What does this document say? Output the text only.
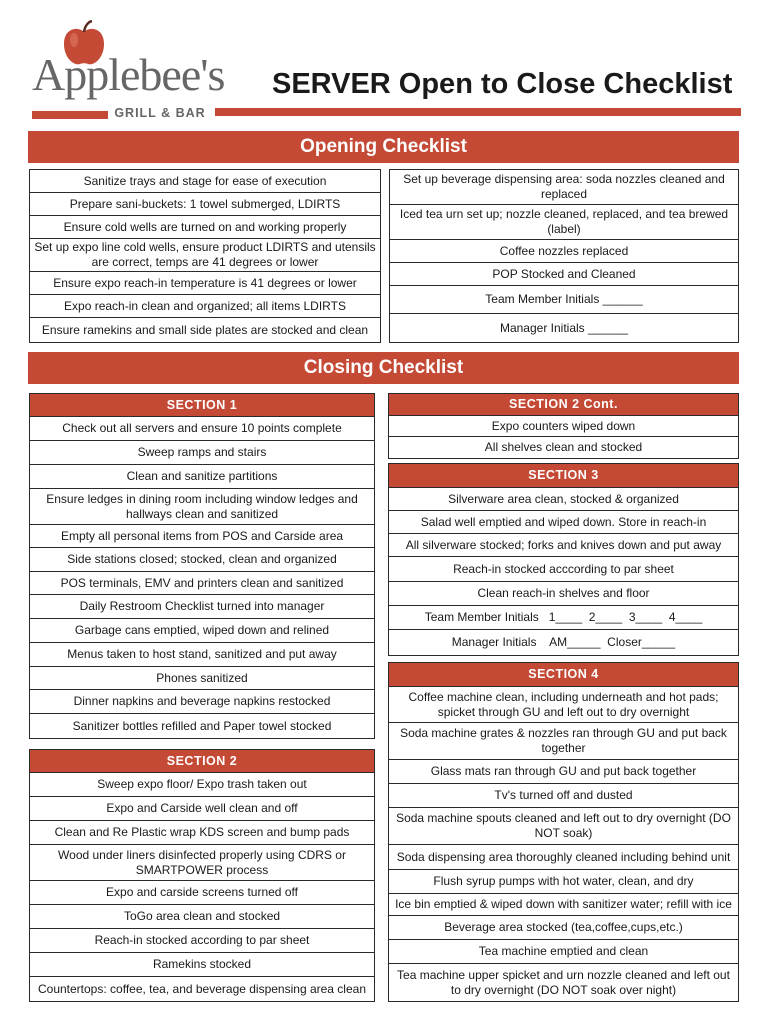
Applebee's
GRILL & BAR
SERVER Open to Close Checklist
Opening Checklist
Sanitize trays and stage for ease of execution
Prepare sani-buckets: 1 towel submerged, LDIRTS
Ensure cold wells are turned on and working properly
Set up expo line cold wells, ensure product LDIRTS and utensils are correct, temps are 41 degrees or lower
Ensure expo reach-in temperature is 41 degrees or lower
Expo reach-in clean and organized; all items LDIRTS
Ensure ramekins and small side plates are stocked and clean
Set up beverage dispensing area: soda nozzles cleaned and replaced
Iced tea urn set up; nozzle cleaned, replaced, and tea brewed (label)
Coffee nozzles replaced
POP Stocked and Cleaned
Team Member Initials ______
Manager Initials ______
Closing Checklist
SECTION 1
Check out all servers and ensure 10 points complete
Sweep ramps and stairs
Clean and sanitize partitions
Ensure ledges in dining room including window ledges and hallways clean and sanitized
Empty all personal items from POS and Carside area
Side stations closed; stocked, clean and organized
POS terminals, EMV and printers clean and sanitized
Daily Restroom Checklist turned into manager
Garbage cans emptied, wiped down and relined
Menus taken to host stand, sanitized and put away
Phones sanitized
Dinner napkins and beverage napkins restocked
Sanitizer bottles refilled and Paper towel stocked
SECTION 2
Sweep expo floor/ Expo trash taken out
Expo and Carside well clean and off
Clean and Re Plastic wrap KDS screen and bump pads
Wood under liners disinfected properly using CDRS or SMARTPOWER process
Expo and carside screens turned off
ToGo area clean and stocked
Reach-in stocked according to par sheet
Ramekins stocked
Countertops: coffee, tea, and beverage dispensing area clean
SECTION 2 Cont.
Expo counters wiped down
All shelves clean and stocked
SECTION 3
Silverware area clean, stocked & organized
Salad well emptied and wiped down. Store in reach-in
All silverware stocked; forks and knives down and put away
Reach-in stocked acccording to par sheet
Clean reach-in shelves and floor
Team Member Initials   1____  2____  3____  4____
Manager Initials    AM_____  Closer_____
SECTION 4
Coffee machine clean, including underneath and hot pads; spicket through GU and left out to dry overnight
Soda machine grates & nozzles ran through GU and put back together
Glass mats ran through GU and put back together
Tv's turned off and dusted
Soda machine spouts cleaned and left out to dry overnight (DO NOT soak)
Soda dispensing area thoroughly cleaned including behind unit
Flush syrup pumps with hot water, clean, and dry
Ice bin emptied & wiped down with sanitizer water; refill with ice
Beverage area stocked (tea,coffee,cups,etc.)
Tea machine emptied and clean
Tea machine upper spicket and urn nozzle cleaned and left out to dry overnight (DO NOT soak over night)
